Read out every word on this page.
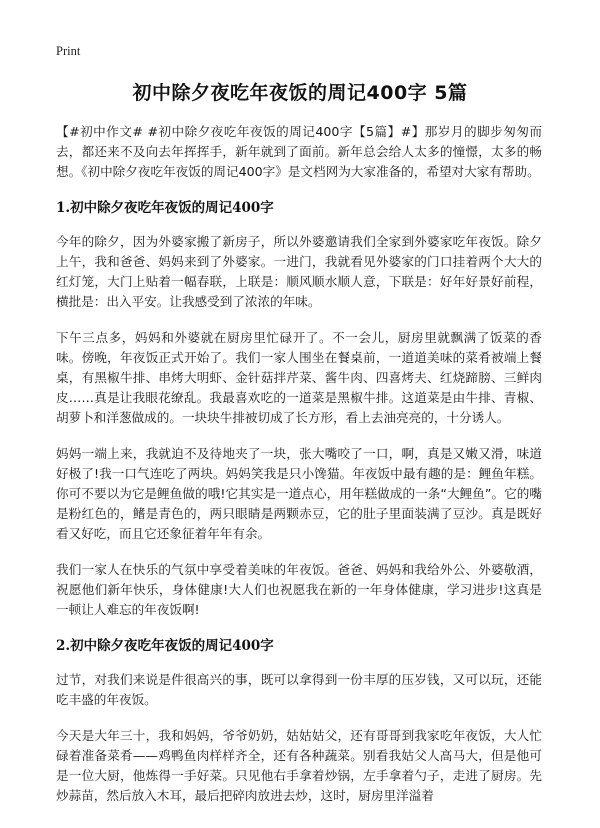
Print
初中除夕夜吃年夜饭的周记400字 5篇

【#初中作文# #初中除夕夜吃年夜饭的周记400字【5篇】#】那岁月的脚步匆匆而去，都还来不及向去年挥挥手，新年就到了面前。新年总会给人太多的憧憬，太多的畅想。《初中除夕夜吃年夜饭的周记400字》是文档网为大家准备的，希望对大家有帮助。

1.初中除夕夜吃年夜饭的周记400字

今年的除夕，因为外婆家搬了新房子，所以外婆邀请我们全家到外婆家吃年夜饭。除夕上午，我和爸爸、妈妈来到了外婆家。一进门，我就看见外婆家的门口挂着两个大大的红灯笼，大门上贴着一幅春联，上联是：顺风顺水顺人意，下联是：好年好景好前程，横批是：出入平安。让我感受到了浓浓的年味。

下午三点多，妈妈和外婆就在厨房里忙碌开了。不一会儿，厨房里就飘满了饭菜的香味。傍晚，年夜饭正式开始了。我们一家人围坐在餐桌前，一道道美味的菜肴被端上餐桌，有黑椒牛排、串烤大明虾、金针菇拌芹菜、酱牛肉、四喜烤夫、红烧蹄膀、三鲜肉皮……真是让我眼花缭乱。我最喜欢吃的一道菜是黑椒牛排。这道菜是由牛排、青椒、胡萝卜和洋葱做成的。一块块牛排被切成了长方形，看上去油亮亮的，十分诱人。

妈妈一端上来，我就迫不及待地夹了一块，张大嘴咬了一口，啊，真是又嫩又滑，味道好极了!我一口气连吃了两块。妈妈笑我是只小馋猫。年夜饭中最有趣的是：鲤鱼年糕。你可不要以为它是鲤鱼做的哦!它其实是一道点心，用年糕做成的一条“大鲤鱼”。它的嘴是粉红色的，鳍是青色的，两只眼睛是两颗赤豆，它的肚子里面装满了豆沙。真是既好看又好吃，而且它还象征着年年有余。

我们一家人在快乐的气氛中享受着美味的年夜饭。爸爸、妈妈和我给外公、外婆敬酒，祝愿他们新年快乐，身体健康!大人们也祝愿我在新的一年身体健康，学习进步!这真是一顿让人难忘的年夜饭啊!

2.初中除夕夜吃年夜饭的周记400字

过节，对我们来说是件很高兴的事，既可以拿得到一份丰厚的压岁钱，又可以玩，还能吃丰盛的年夜饭。

今天是大年三十，我和妈妈，爷爷奶奶，姑姑姑父，还有哥哥到我家吃年夜饭，大人忙碌着准备菜肴——鸡鸭鱼肉样样齐全，还有各种蔬菜。别看我姑父人高马大，但是他可是一位大厨，他炼得一手好菜。只见他右手拿着炒锅，左手拿着勺子，走进了厨房。先炒蒜苗，然后放入木耳，最后把碎肉放进去炒，这时，厨房里洋溢着
